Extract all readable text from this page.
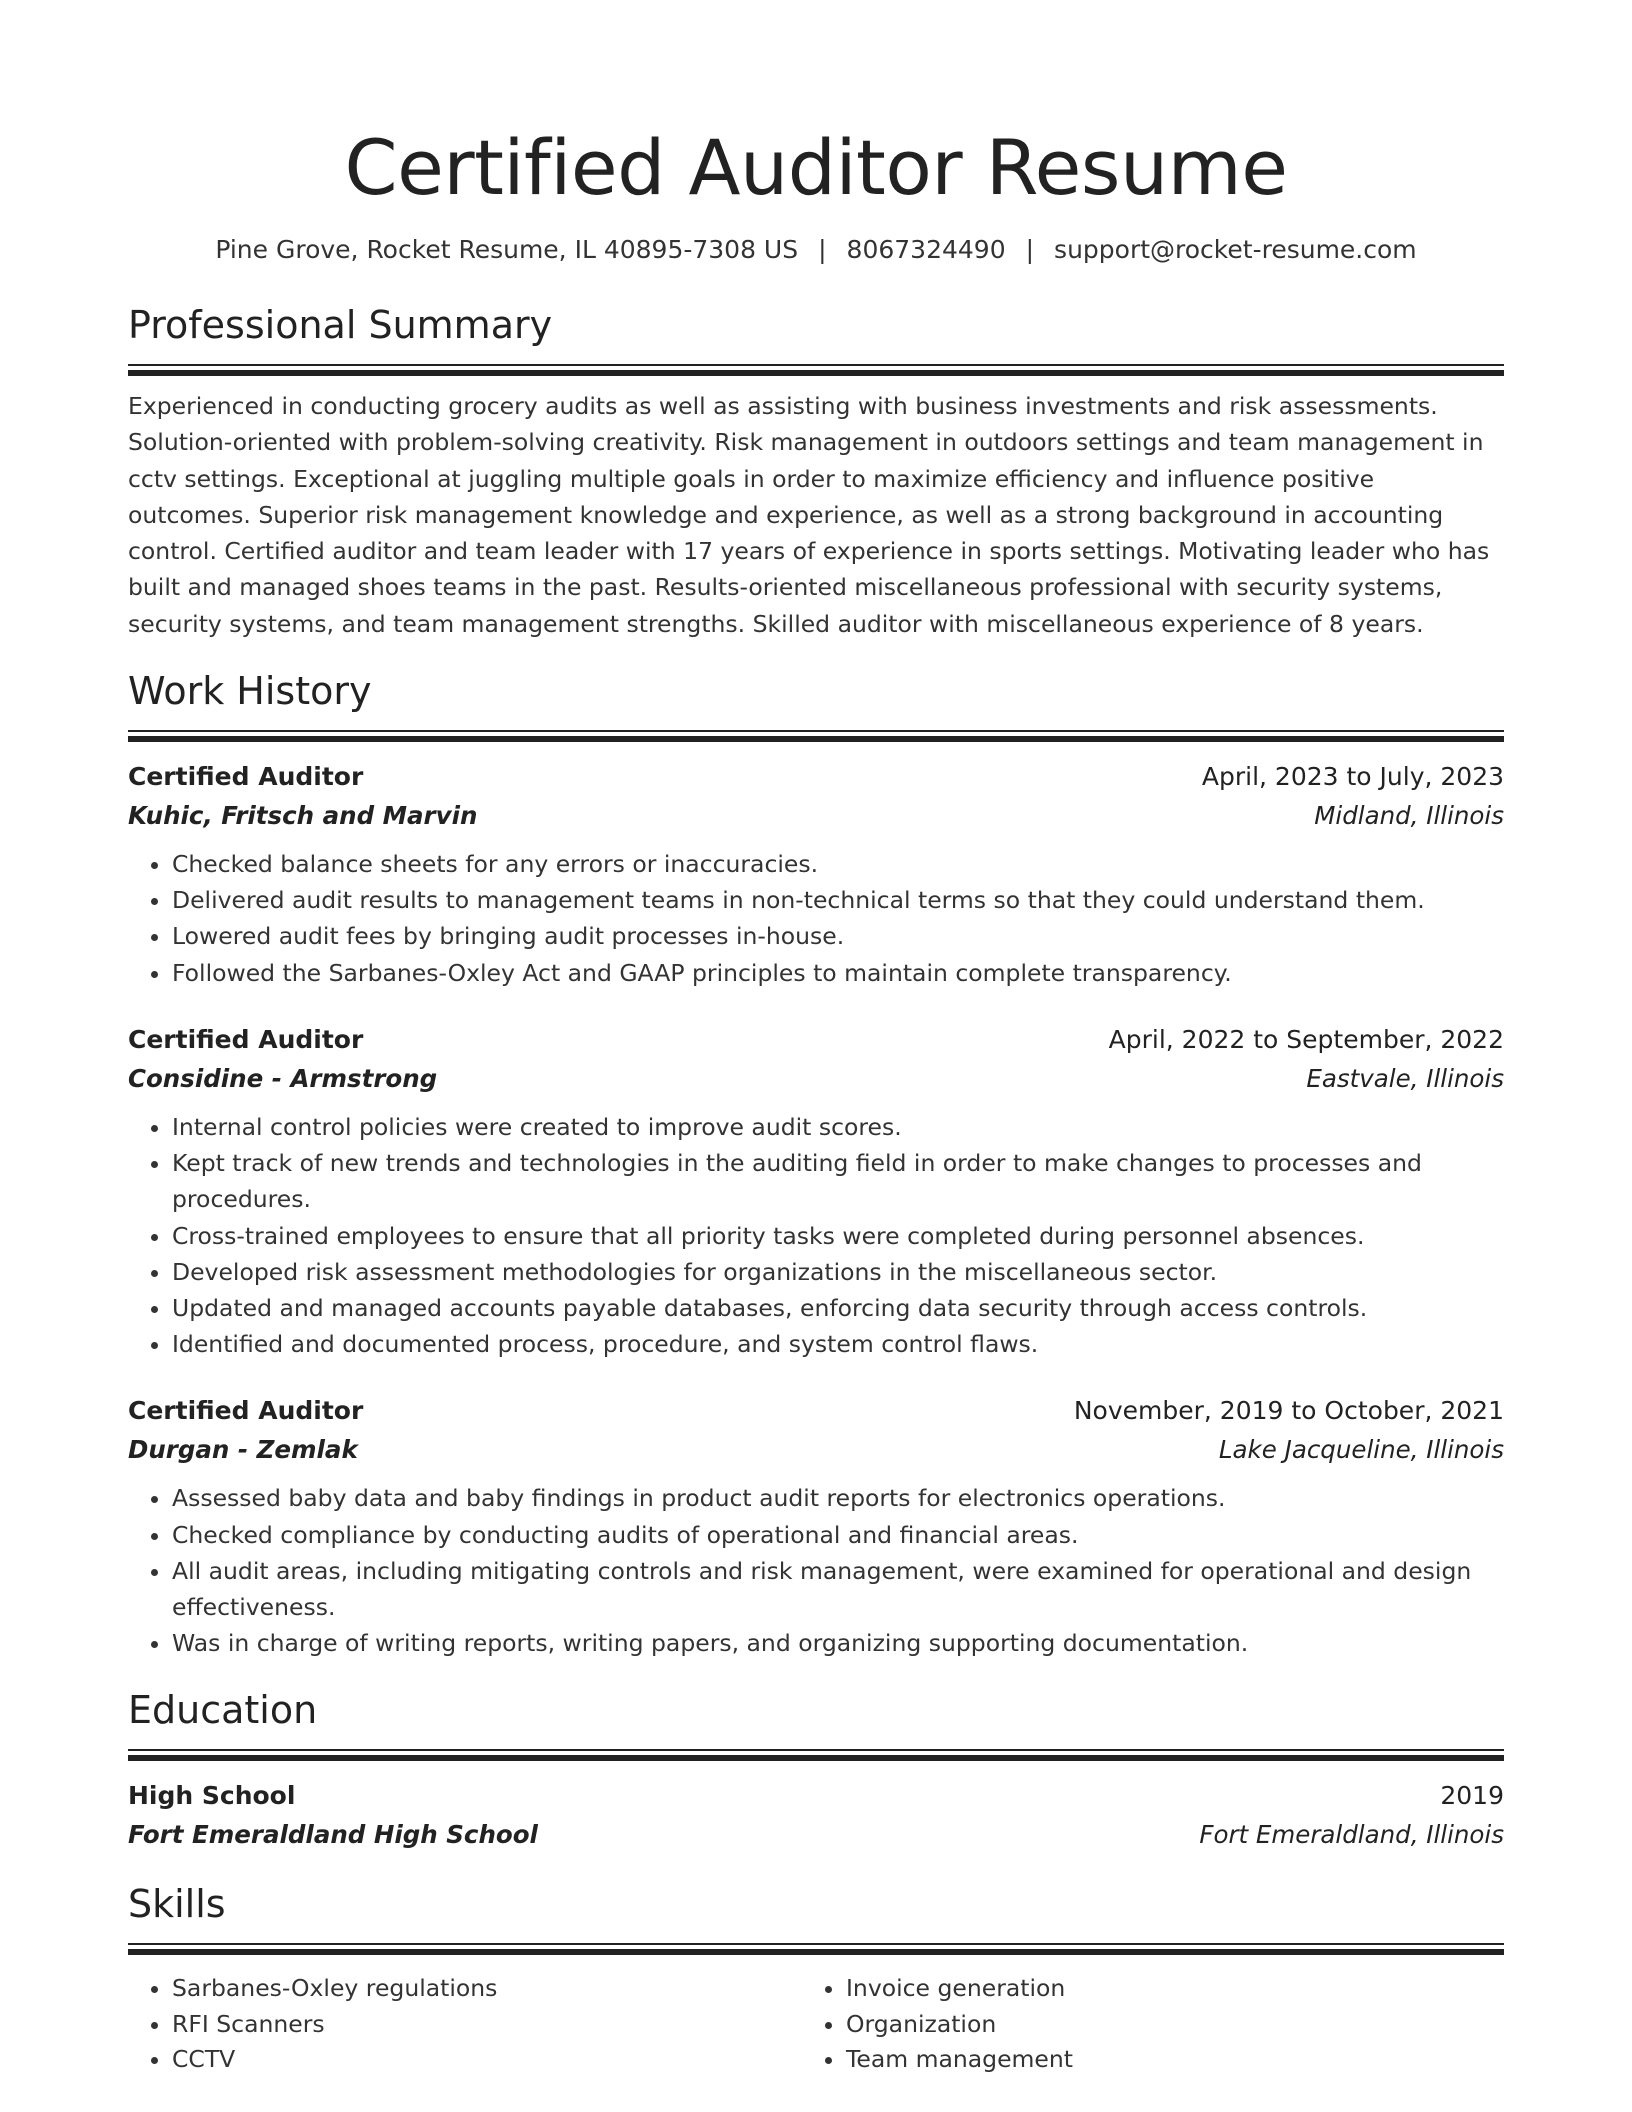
Certified Auditor Resume
Pine Grove, Rocket Resume, IL 40895-7308 US | 8067324490 | support@rocket-resume.com
Professional Summary

Experienced in conducting grocery audits as well as assisting with business investments and risk assessments. Solution-oriented with problem-solving creativity. Risk management in outdoors settings and team management in cctv settings. Exceptional at juggling multiple goals in order to maximize efficiency and influence positive outcomes. Superior risk management knowledge and experience, as well as a strong background in accounting control. Certified auditor and team leader with 17 years of experience in sports settings. Motivating leader who has built and managed shoes teams in the past. Results-oriented miscellaneous professional with security systems, security systems, and team management strengths. Skilled auditor with miscellaneous experience of 8 years.

Work History
Certified Auditor	April, 2023 to July, 2023
Kuhic, Fritsch and Marvin	Midland, Illinois
• Checked balance sheets for any errors or inaccuracies.
• Delivered audit results to management teams in non-technical terms so that they could understand them.
• Lowered audit fees by bringing audit processes in-house.
• Followed the Sarbanes-Oxley Act and GAAP principles to maintain complete transparency.
Certified Auditor	April, 2022 to September, 2022
Considine - Armstrong	Eastvale, Illinois
• Internal control policies were created to improve audit scores.
• Kept track of new trends and technologies in the auditing field in order to make changes to processes and procedures.
• Cross-trained employees to ensure that all priority tasks were completed during personnel absences.
• Developed risk assessment methodologies for organizations in the miscellaneous sector.
• Updated and managed accounts payable databases, enforcing data security through access controls.
• Identified and documented process, procedure, and system control flaws.
Certified Auditor	November, 2019 to October, 2021
Durgan - Zemlak	Lake Jacqueline, Illinois
• Assessed baby data and baby findings in product audit reports for electronics operations.
• Checked compliance by conducting audits of operational and financial areas.
• All audit areas, including mitigating controls and risk management, were examined for operational and design effectiveness.
• Was in charge of writing reports, writing papers, and organizing supporting documentation.
Education
High School	2019
Fort Emeraldland High School	Fort Emeraldland, Illinois
Skills
• Sarbanes-Oxley regulations
• RFI Scanners
• CCTV
• Invoice generation
• Organization
• Team management
